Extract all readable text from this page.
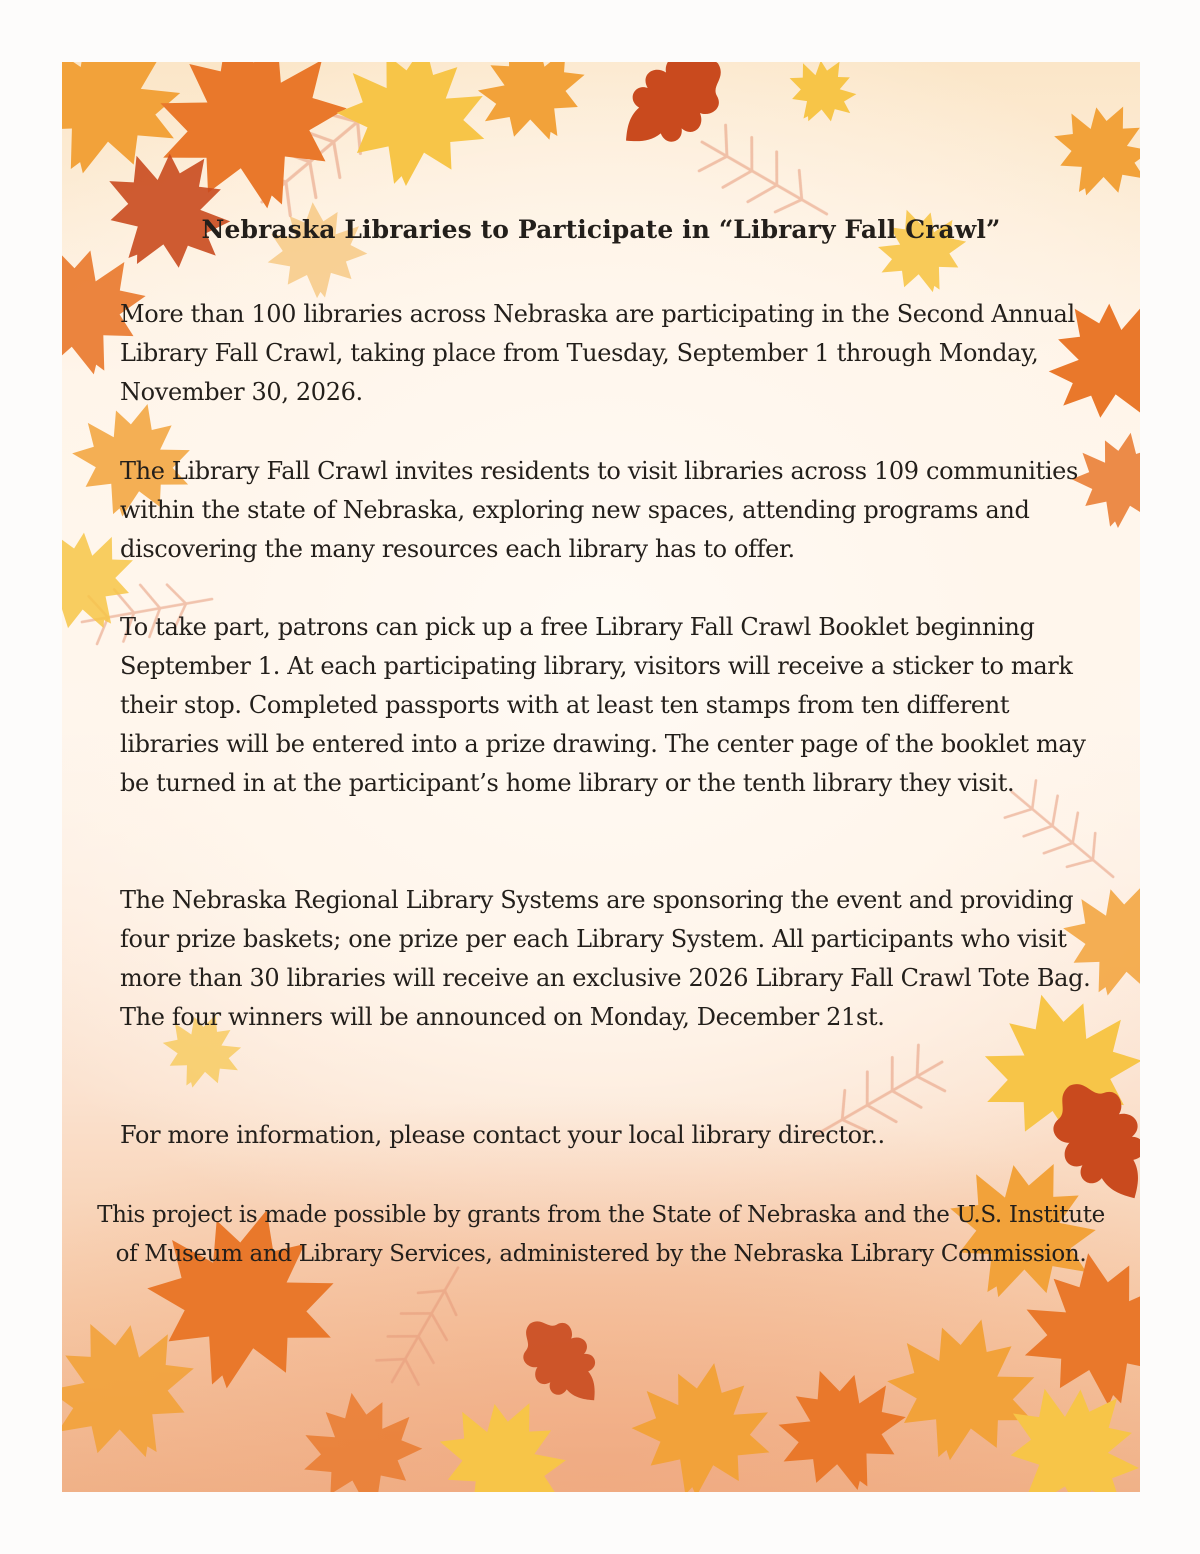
Nebraska Libraries to Participate in “Library Fall Crawl”

More than 100 libraries across Nebraska are participating in the Second Annual Library Fall Crawl, taking place from Tuesday, September 1 through Monday, November 30, 2026.

The Library Fall Crawl invites residents to visit libraries across 109 communities within the state of Nebraska, exploring new spaces, attending programs and discovering the many resources each library has to offer.

To take part, patrons can pick up a free Library Fall Crawl Booklet beginning September 1. At each participating library, visitors will receive a sticker to mark their stop. Completed passports with at least ten stamps from ten different libraries will be entered into a prize drawing. The center page of the booklet may be turned in at the participant’s home library or the tenth library they visit.

The Nebraska Regional Library Systems are sponsoring the event and providing four prize baskets; one prize per each Library System. All participants who visit more than 30 libraries will receive an exclusive 2026 Library Fall Crawl Tote Bag. The four winners will be announced on Monday, December 21st.

For more information, please contact your local library director..

This project is made possible by grants from the State of Nebraska and the U.S. Institute of Museum and Library Services, administered by the Nebraska Library Commission.
